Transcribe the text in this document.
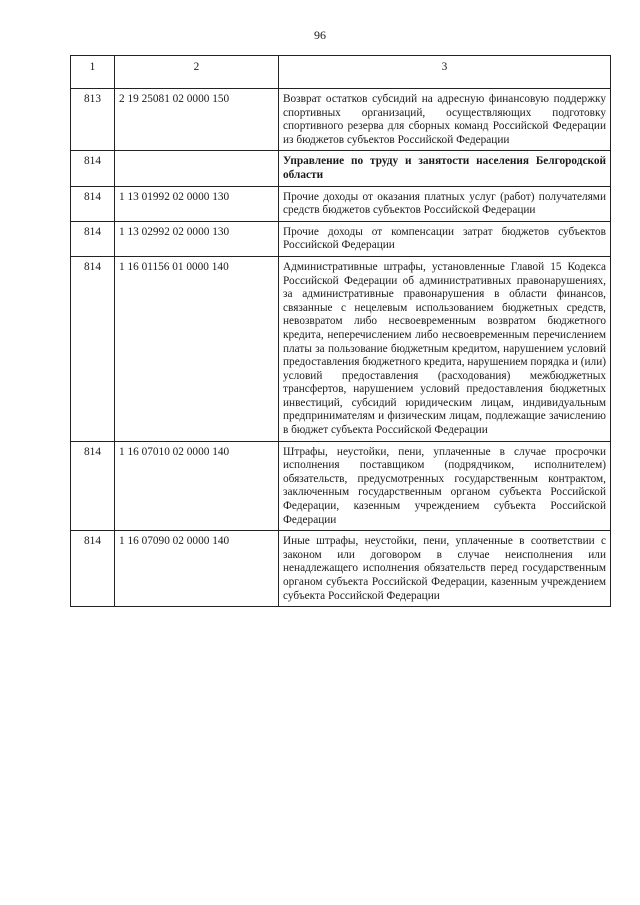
96
1	2	3
813	2 19 25081 02 0000 150	Возврат остатков субсидий на адресную финансовую поддержку спортивных организаций, осуществляющих подготовку спортивного резерва для сборных команд Российской Федерации из бюджетов субъектов Российской Федерации
814		Управление по труду и занятости населения Белгородской области
814	1 13 01992 02 0000 130	Прочие доходы от оказания платных услуг (работ) получателями средств бюджетов субъектов Российской Федерации
814	1 13 02992 02 0000 130	Прочие доходы от компенсации затрат бюджетов субъектов Российской Федерации
814	1 16 01156 01 0000 140	Административные штрафы, установленные Главой 15 Кодекса Российской Федерации об административных правонарушениях, за административные правонарушения в области финансов, связанные с нецелевым использованием бюджетных средств, невозвратом либо несвоевременным возвратом бюджетного кредита, неперечислением либо несвоевременным перечислением платы за пользование бюджетным кредитом, нарушением условий предоставления бюджетного кредита, нарушением порядка и (или) условий предоставления (расходования) межбюджетных трансфертов, нарушением условий предоставления бюджетных инвестиций, субсидий юридическим лицам, индивидуальным предпринимателям и физическим лицам, подлежащие зачислению в бюджет субъекта Российской Федерации
814	1 16 07010 02 0000 140	Штрафы, неустойки, пени, уплаченные в случае просрочки исполнения поставщиком (подрядчиком, исполнителем) обязательств, предусмотренных государственным контрактом, заключенным государственным органом субъекта Российской Федерации, казенным учреждением субъекта Российской Федерации
814	1 16 07090 02 0000 140	Иные штрафы, неустойки, пени, уплаченные в соответствии с законом или договором в случае неисполнения или ненадлежащего исполнения обязательств перед государственным органом субъекта Российской Федерации, казенным учреждением субъекта Российской Федерации
